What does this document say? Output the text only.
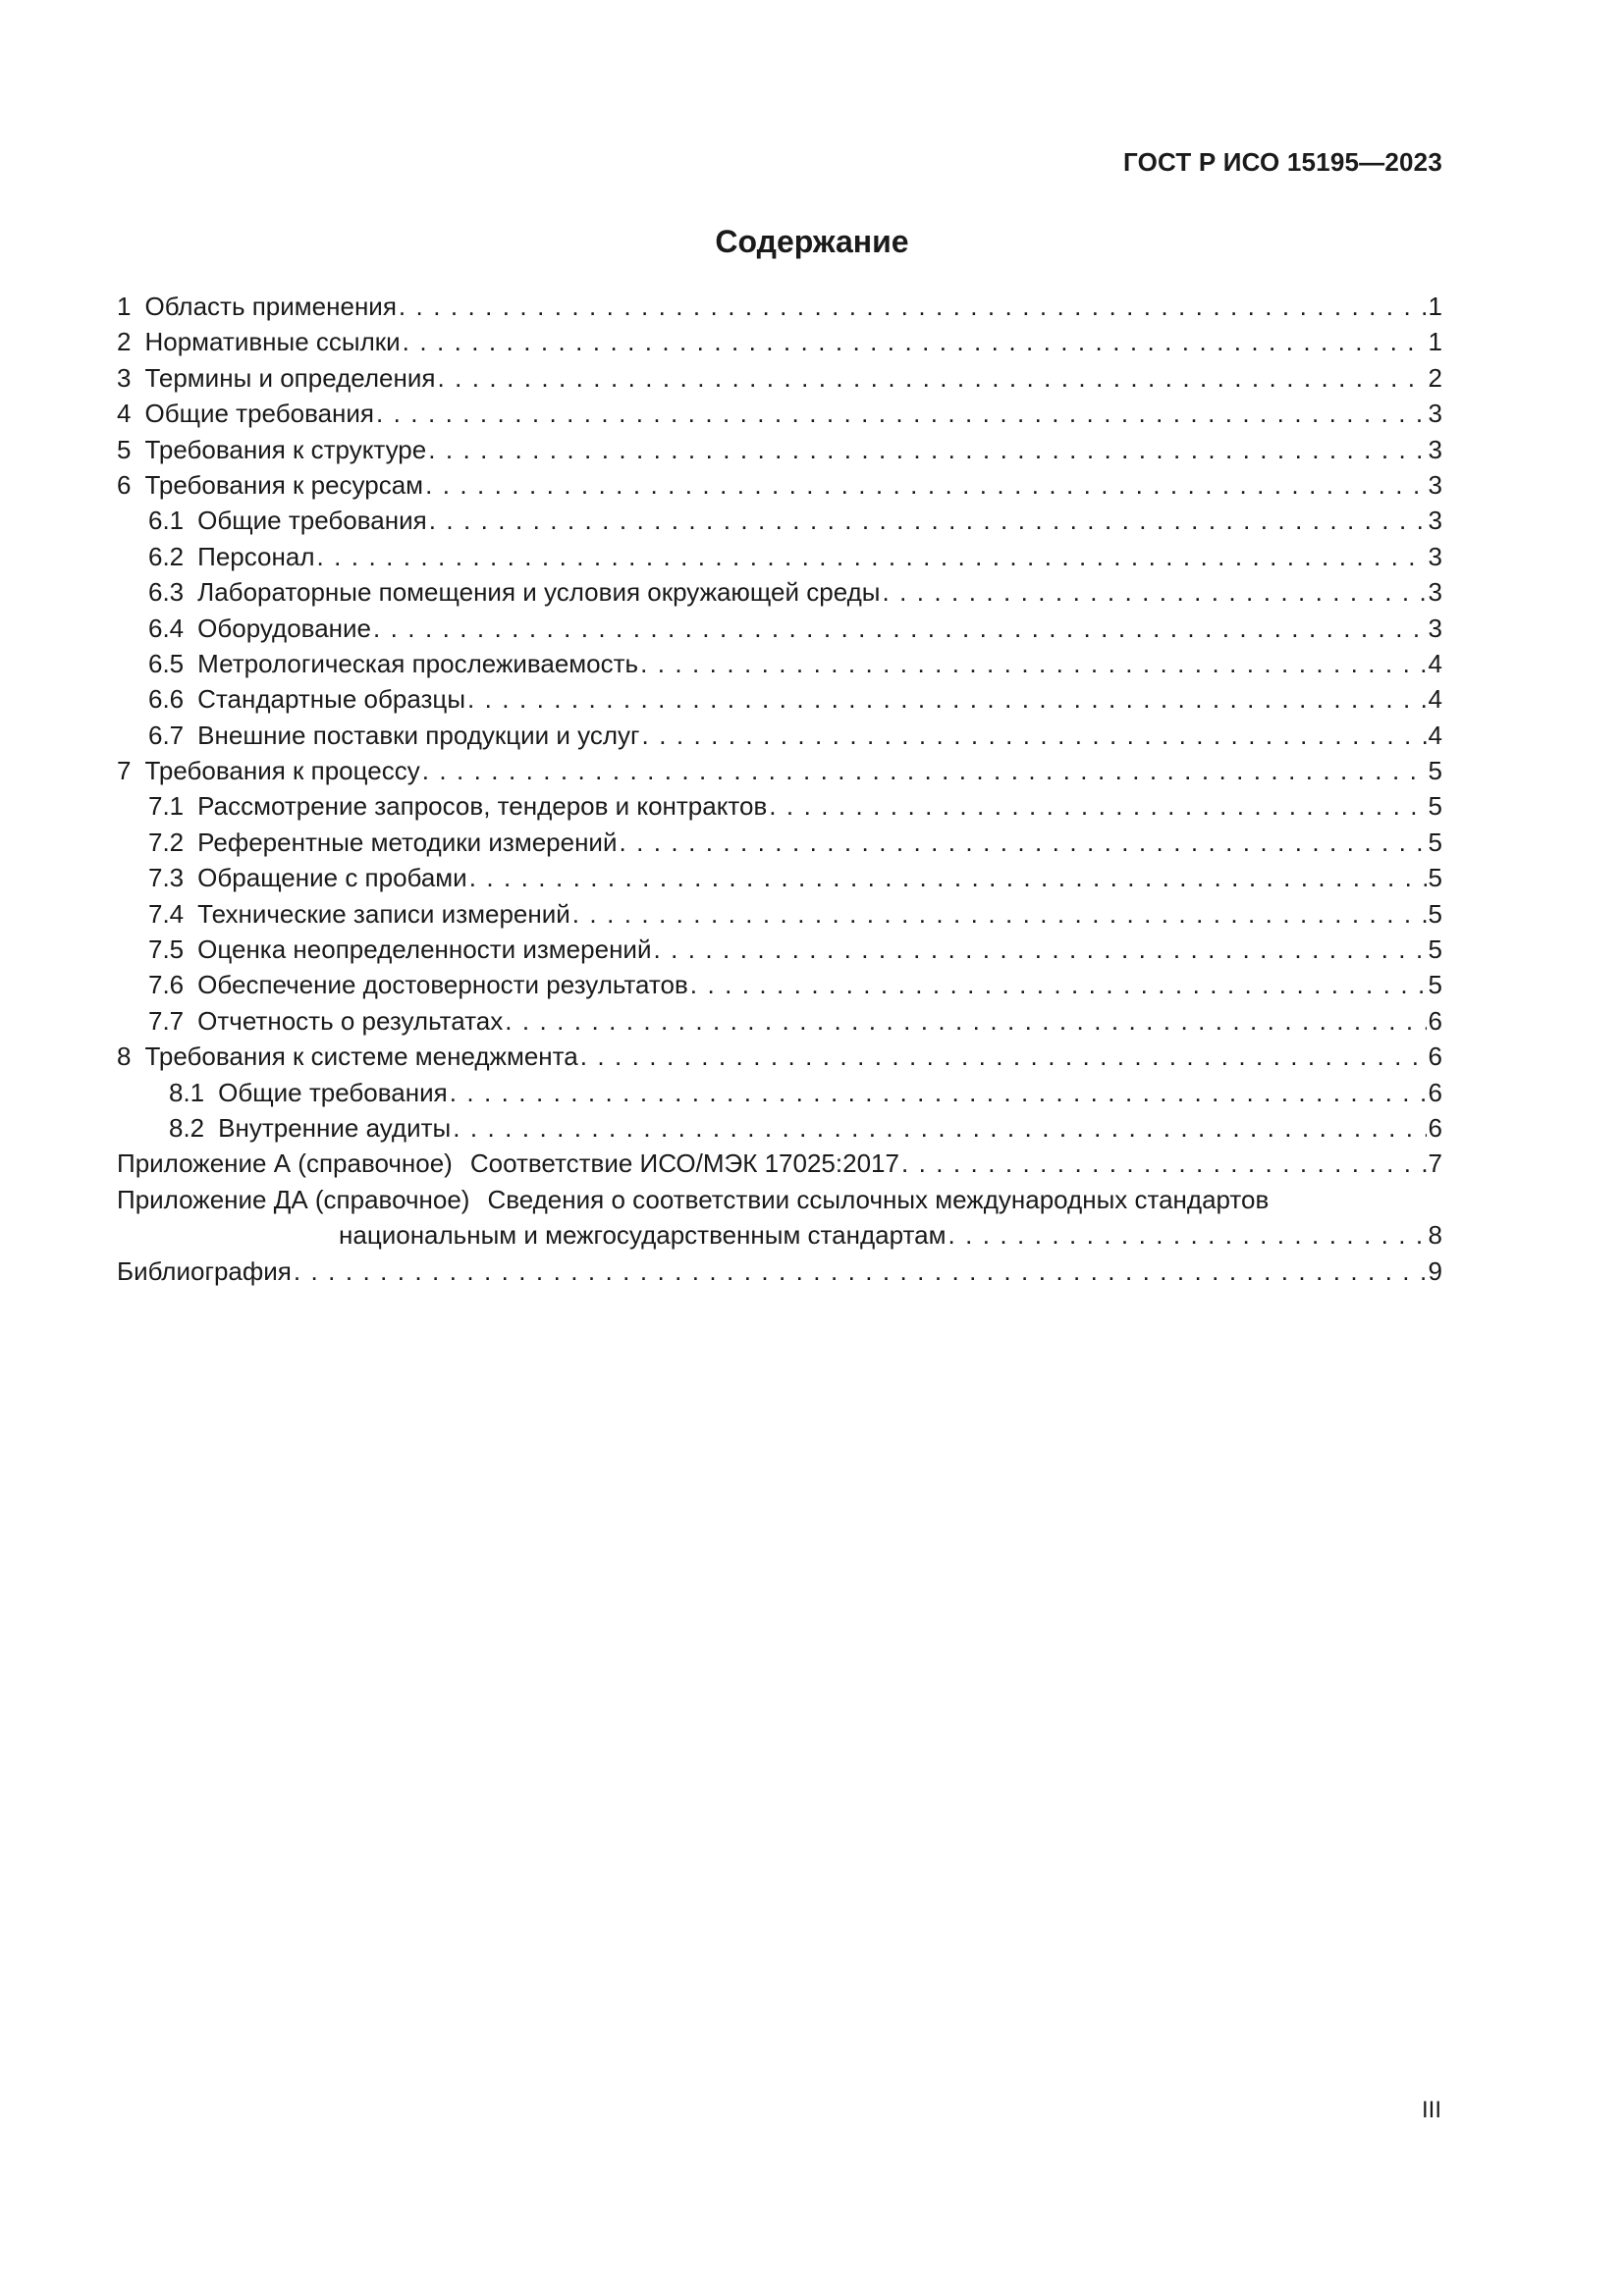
ГОСТ Р ИСО 15195—2023
Содержание
1 Область применения . . .	1
2 Нормативные ссылки . . .	1
3 Термины и определения . . .	2
4 Общие требования . . .	3
5 Требования к структуре . . .	3
6 Требования к ресурсам . . .	3
6.1 Общие требования . . .	3
6.2 Персонал . . .	3
6.3 Лабораторные помещения и условия окружающей среды . . .	3
6.4 Оборудование . . .	3
6.5 Метрологическая прослеживаемость . . .	4
6.6 Стандартные образцы . . .	4
6.7 Внешние поставки продукции и услуг . . .	4
7 Требования к процессу . . .	5
7.1 Рассмотрение запросов, тендеров и контрактов . . .	5
7.2 Референтные методики измерений . . .	5
7.3 Обращение с пробами . . .	5
7.4 Технические записи измерений . . .	5
7.5 Оценка неопределенности измерений . . .	5
7.6 Обеспечение достоверности результатов . . .	5
7.7 Отчетность о результатах . . .	6
8 Требования к системе менеджмента . . .	6
8.1 Общие требования . . .	6
8.2 Внутренние аудиты . . .	6
Приложение А (справочное) Соответствие ИСО/МЭК 17025:2017 . . .	7
Приложение ДА (справочное) Сведения о соответствии ссылочных международных стандартов
национальным и межгосударственным стандартам . . .	8
Библиография . . .	9
III
